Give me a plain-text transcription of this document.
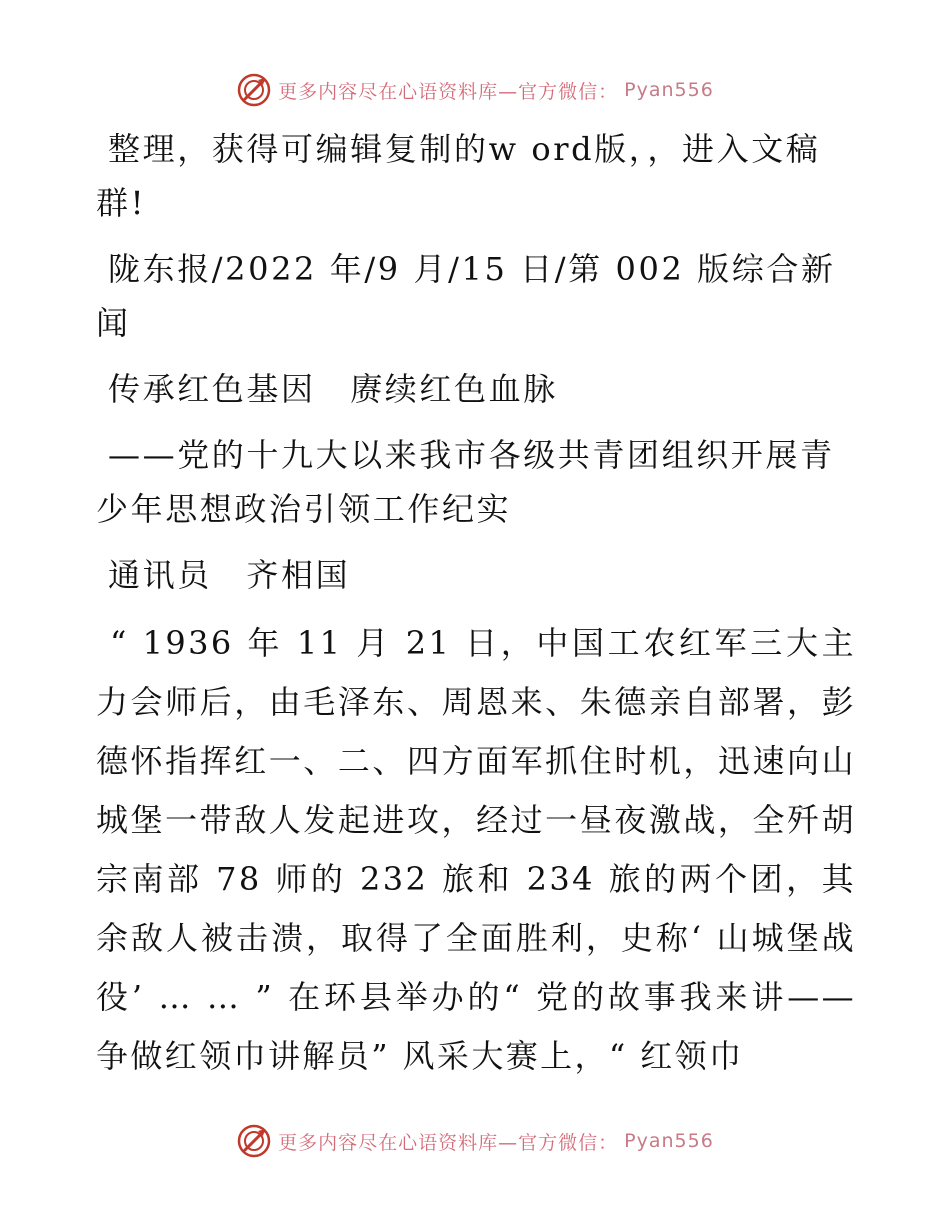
更多内容尽在心语资料库—官方微信： Pyan556

整理，获得可编辑复制的w ord版，，进入文稿群!

陇东报/2022 年/9 月/15 日/第 002 版综合新闻

传承红色基因　赓续红色血脉

——党的十九大以来我市各级共青团组织开展青少年思想政治引领工作纪实

通讯员　齐相国

“ 1936 年 11 月 21 日，中国工农红军三大主力会师后，由毛泽东、周恩来、朱德亲自部署，彭德怀指挥红一、二、四方面军抓住时机，迅速向山城堡一带敌人发起进攻，经过一昼夜激战，全歼胡宗南部 78 师的 232 旅和 234 旅的两个团，其余敌人被击溃，取得了全面胜利，史称‘ 山城堡战役’ … … ” 在环县举办的“ 党的故事我来讲——争做红领巾讲解员” 风采大赛上，“ 红领巾

更多内容尽在心语资料库—官方微信： Pyan556
